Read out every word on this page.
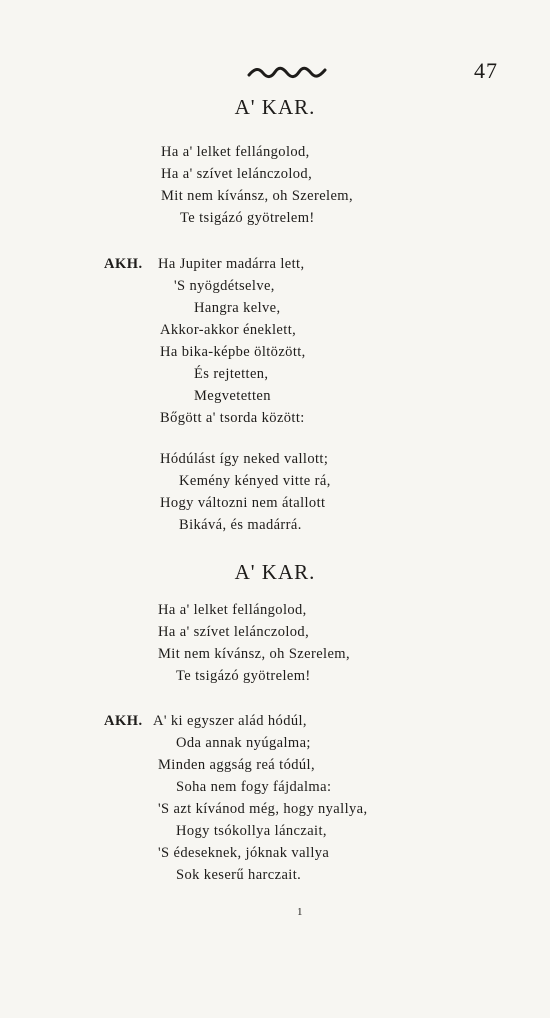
47
A' KAR.
Ha a' lelket fellángolod,
Ha a' szívet lelánczolod,
Mit nem kívánsz, oh Szerelem,
Te tsigázó gyötrelem!
AKH. Ha Jupiter madárra lett,
'S nyögdétselve,
Hangra kelve,
Akkor-akkor éneklett,
Ha bika-képbe öltözött,
És rejtetten,
Megvetetten
Bőgött a' tsorda között:
Hódúlást így neked vallott;
Kemény kényed vitte rá,
Hogy változni nem átallott
Bikává, és madárrá.
A' KAR.
Ha a' lelket fellángolod,
Ha a' szívet lelánczolod,
Mit nem kívánsz, oh Szerelem,
Te tsigázó gyötrelem!
AKH. A' ki egyszer alád hódúl,
Oda annak nyúgalma;
Minden aggság reá tódúl,
Soha nem fogy fájdalma:
'S azt kívánod még, hogy nyallya,
Hogy tsókollya lánczait,
'S édeseknek, jóknak vallya
Sok keserű harczait.
1
